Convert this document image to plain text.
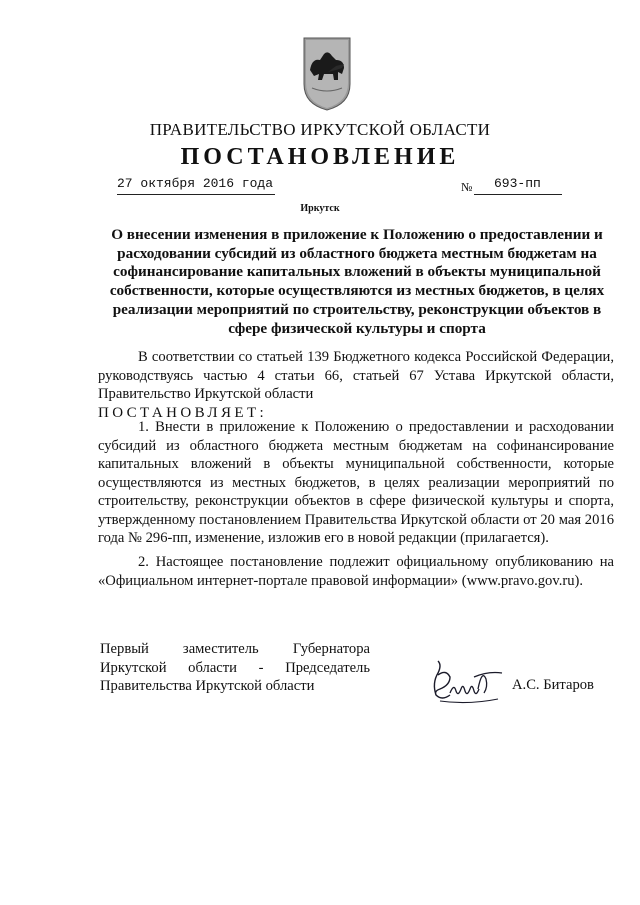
ПРАВИТЕЛЬСТВО ИРКУТСКОЙ ОБЛАСТИ
ПОСТАНОВЛЕНИЕ
27 октября 2016 года	№ 693-пп
Иркутск
О внесении изменения в приложение к Положению о предоставлении и расходовании субсидий из областного бюджета местным бюджетам на софинансирование капитальных вложений в объекты муниципальной собственности, которые осуществляются из местных бюджетов, в целях реализации мероприятий по строительству, реконструкции объектов в сфере физической культуры и спорта

В соответствии со статьей 139 Бюджетного кодекса Российской Федерации, руководствуясь частью 4 статьи 66, статьей 67 Устава Иркутской области, Правительство Иркутской области

ПОСТАНОВЛЯЕТ:

1. Внести в приложение к Положению о предоставлении и расходовании субсидий из областного бюджета местным бюджетам на софинансирование капитальных вложений в объекты муниципальной собственности, которые осуществляются из местных бюджетов, в целях реализации мероприятий по строительству, реконструкции объектов в сфере физической культуры и спорта, утвержденному постановлением Правительства Иркутской области от 20 мая 2016 года № 296-пп, изменение, изложив его в новой редакции (прилагается).

2. Настоящее постановление подлежит официальному опубликованию на «Официальном интернет-портале правовой информации» (www.pravo.gov.ru).

Первый заместитель Губернатора
Иркутской области - Председатель
Правительства Иркутской области	А.С. Битаров
